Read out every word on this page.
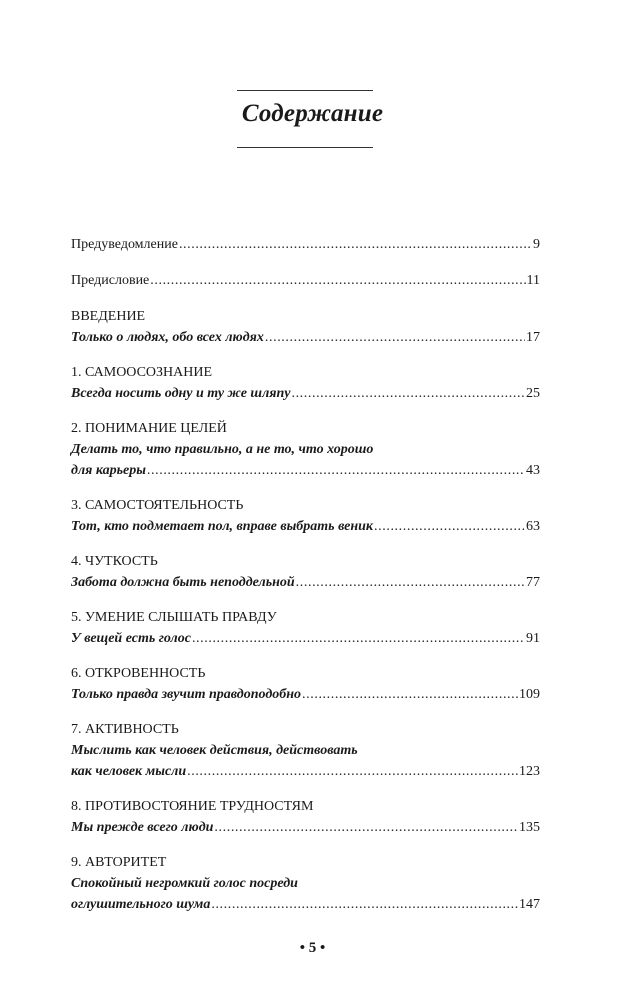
Содержание
Предуведомление .....	9
Предисловие .....	11
ВВЕДЕНИЕ
Только о людях, обо всех людях .....	17
1. САМООСОЗНАНИЕ
Всегда носить одну и ту же шляпу .....	25
2. ПОНИМАНИЕ ЦЕЛЕЙ
Делать то, что правильно, а не то, что хорошо
для карьеры .....	43
3. САМОСТОЯТЕЛЬНОСТЬ
Тот, кто подметает пол, вправе выбрать веник .....	63
4. ЧУТКОСТЬ
Забота должна быть неподдельной .....	77
5. УМЕНИЕ СЛЫШАТЬ ПРАВДУ
У вещей есть голос .....	91
6. ОТКРОВЕННОСТЬ
Только правда звучит правдоподобно .....	109
7. АКТИВНОСТЬ
Мыслить как человек действия, действовать
как человек мысли .....	123
8. ПРОТИВОСТОЯНИЕ ТРУДНОСТЯМ
Мы прежде всего люди .....	135
9. АВТОРИТЕТ
Спокойный негромкий голос посреди
оглушительного шума .....	147
• 5 •
